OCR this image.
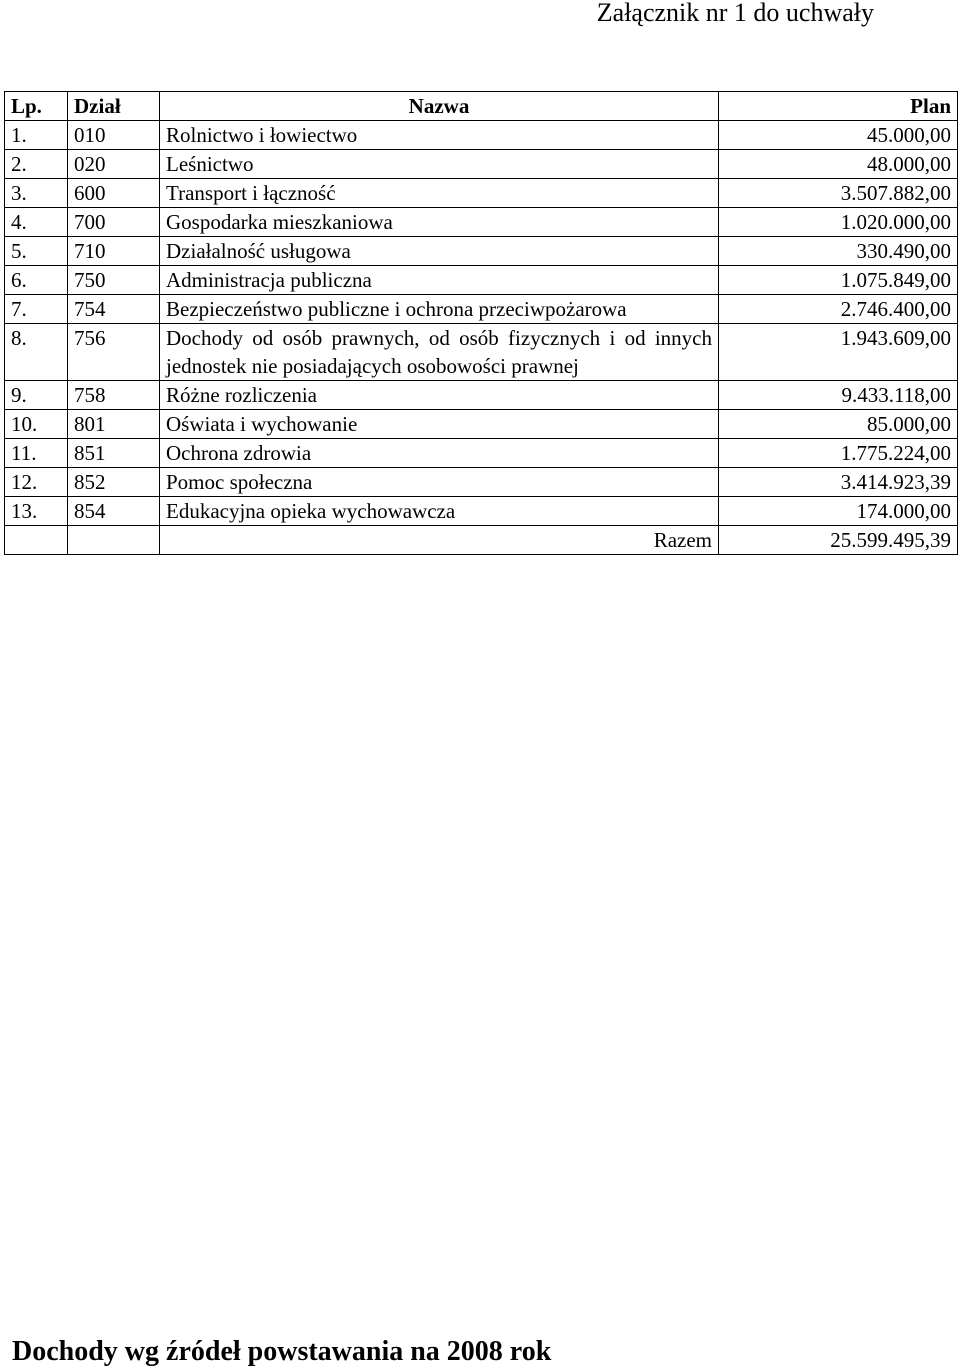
Załącznik nr 1 do uchwały
Lp.	Dział	Nazwa	Plan
1.	010	Rolnictwo i łowiectwo	45.000,00
2.	020	Leśnictwo	48.000,00
3.	600	Transport i łączność	3.507.882,00
4.	700	Gospodarka mieszkaniowa	1.020.000,00
5.	710	Działalność usługowa	330.490,00
6.	750	Administracja publiczna	1.075.849,00
7.	754	Bezpieczeństwo publiczne i ochrona przeciwpożarowa	2.746.400,00
8.	756	Dochody od osób prawnych, od osób fizycznych i od innych jednostek nie posiadających osobowości prawnej	1.943.609,00
9.	758	Różne rozliczenia	9.433.118,00
10.	801	Oświata i wychowanie	85.000,00
11.	851	Ochrona zdrowia	1.775.224,00
12.	852	Pomoc społeczna	3.414.923,39
13.	854	Edukacyjna opieka wychowawcza	174.000,00
		Razem	25.599.495,39
Dochody wg źródeł powstawania na 2008 rok
